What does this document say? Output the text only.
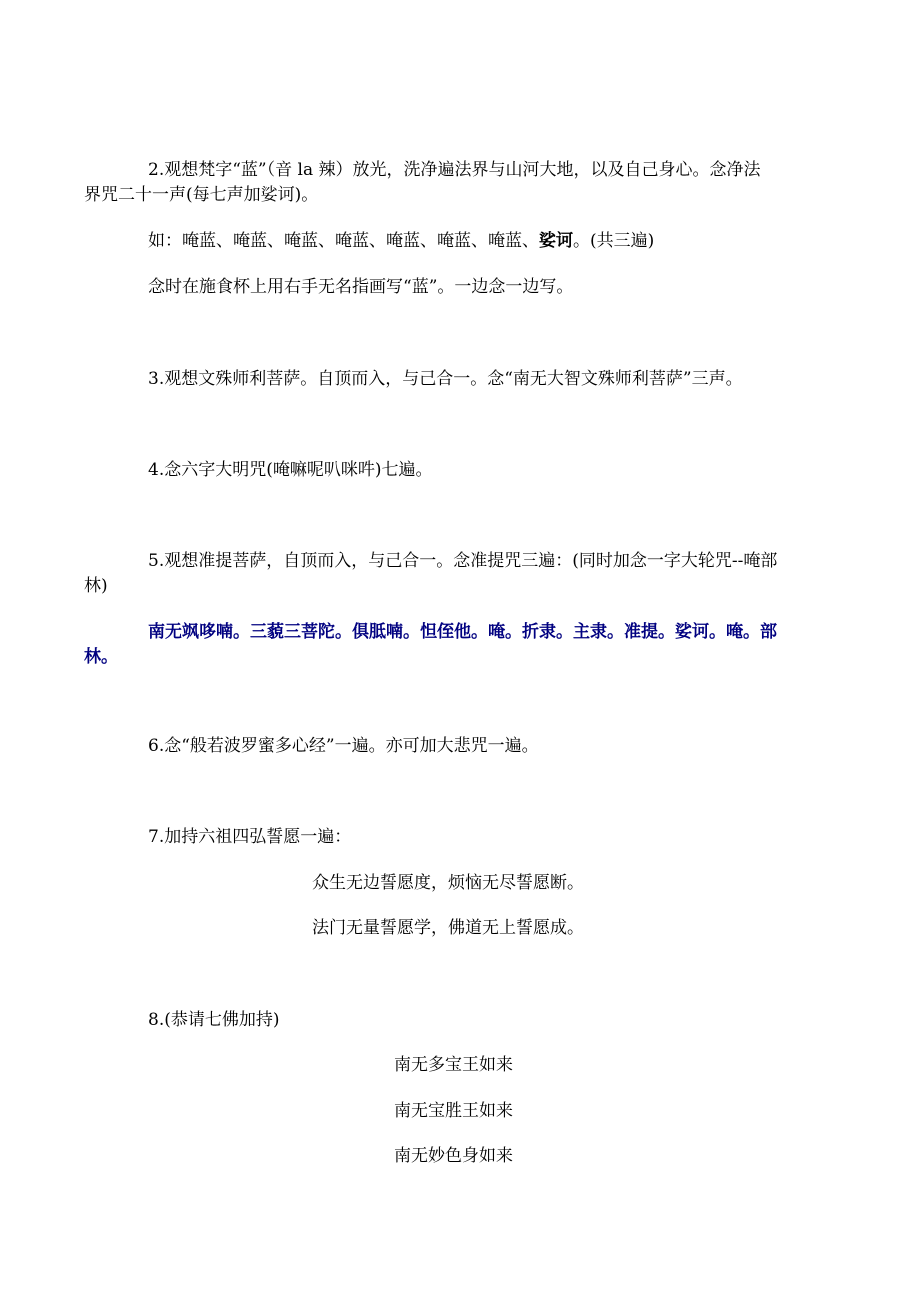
2.观想梵字“蓝”（音 la 辣）放光，洗净遍法界与山河大地，以及自己身心。念净法
界咒二十一声(每七声加娑诃)。
如：唵蓝、唵蓝、唵蓝、唵蓝、唵蓝、唵蓝、唵蓝、娑诃。(共三遍)
念时在施食杯上用右手无名指画写“蓝”。一边念一边写。
3.观想文殊师利菩萨。自顶而入，与己合一。念“南无大智文殊师利菩萨”三声。
4.念六字大明咒(唵嘛呢叭咪吽)七遍。
5.观想准提菩萨，自顶而入，与己合一。念准提咒三遍：(同时加念一字大轮咒--唵部
林)
南无飒哆喃。三藐三菩陀。俱胝喃。怛侄他。唵。折隶。主隶。准提。娑诃。唵。部
林。
6.念“般若波罗蜜多心经”一遍。亦可加大悲咒一遍。
7.加持六祖四弘誓愿一遍：
众生无边誓愿度，烦恼无尽誓愿断。
法门无量誓愿学，佛道无上誓愿成。
8.(恭请七佛加持)
南无多宝王如来
南无宝胜王如来
南无妙色身如来
